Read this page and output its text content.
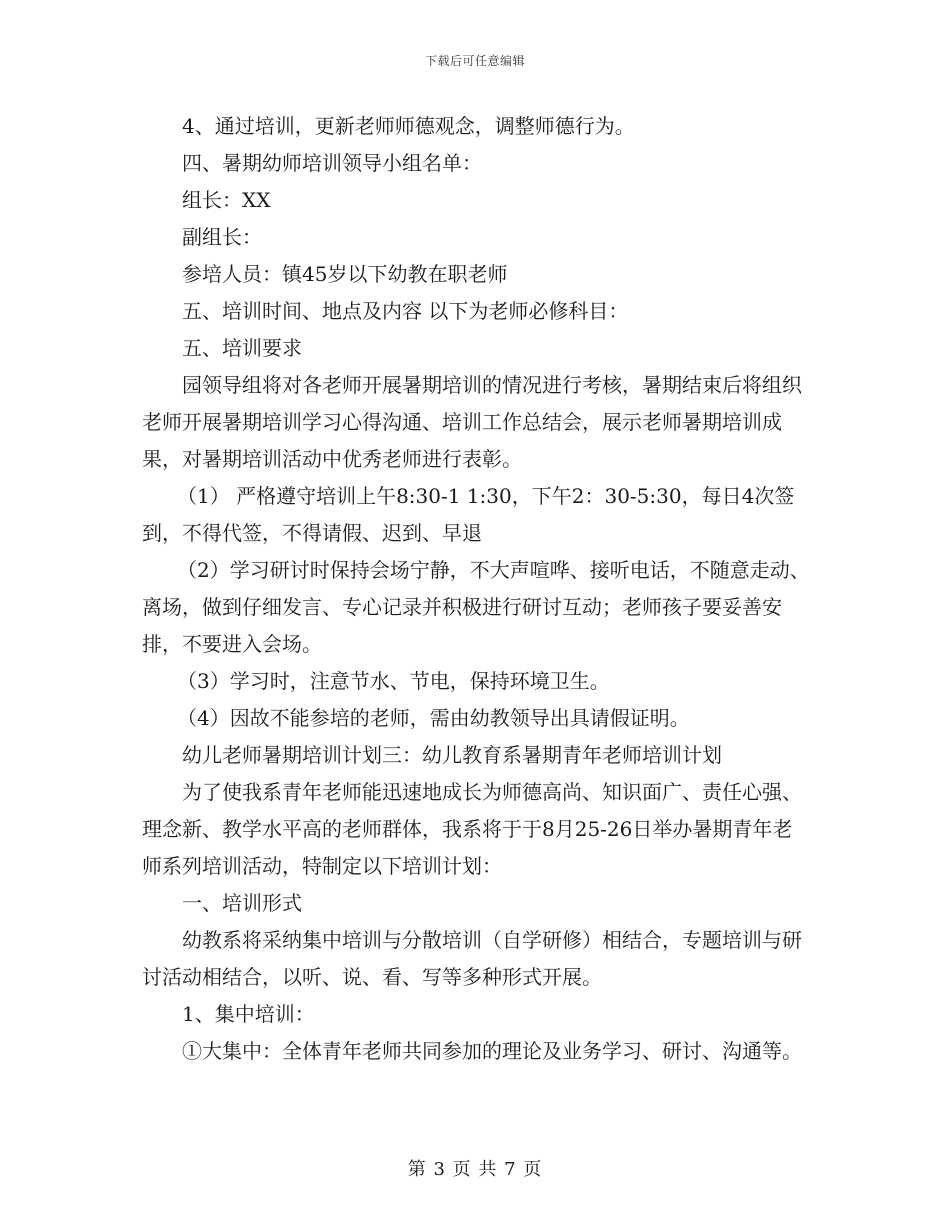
下载后可任意编辑

4、通过培训，更新老师师德观念，调整师德行为。

四、暑期幼师培训领导小组名单：

组长：XX

副组长：

参培人员：镇45岁以下幼教在职老师

五、培训时间、地点及内容 以下为老师必修科目：

五、培训要求

园领导组将对各老师开展暑期培训的情况进行考核，暑期结束后将组织老师开展暑期培训学习心得沟通、培训工作总结会，展示老师暑期培训成果，对暑期培训活动中优秀老师进行表彰。

（1） 严格遵守培训上午8:30-1 1:30，下午2：30-5:30，每日4次签到，不得代签，不得请假、迟到、早退

（2）学习研讨时保持会场宁静，不大声喧哗、接听电话，不随意走动、离场，做到仔细发言、专心记录并积极进行研讨互动；老师孩子要妥善安排，不要进入会场。

（3）学习时，注意节水、节电，保持环境卫生。

（4）因故不能参培的老师，需由幼教领导出具请假证明。

幼儿老师暑期培训计划三：幼儿教育系暑期青年老师培训计划

为了使我系青年老师能迅速地成长为师德高尚、知识面广、责任心强、理念新、教学水平高的老师群体，我系将于于8月25-26日举办暑期青年老师系列培训活动，特制定以下培训计划：

一、培训形式

幼教系将采纳集中培训与分散培训（自学研修）相结合，专题培训与研讨活动相结合，以听、说、看、写等多种形式开展。

1、集中培训：

①大集中：全体青年老师共同参加的理论及业务学习、研讨、沟通等。

第 3 页 共 7 页
